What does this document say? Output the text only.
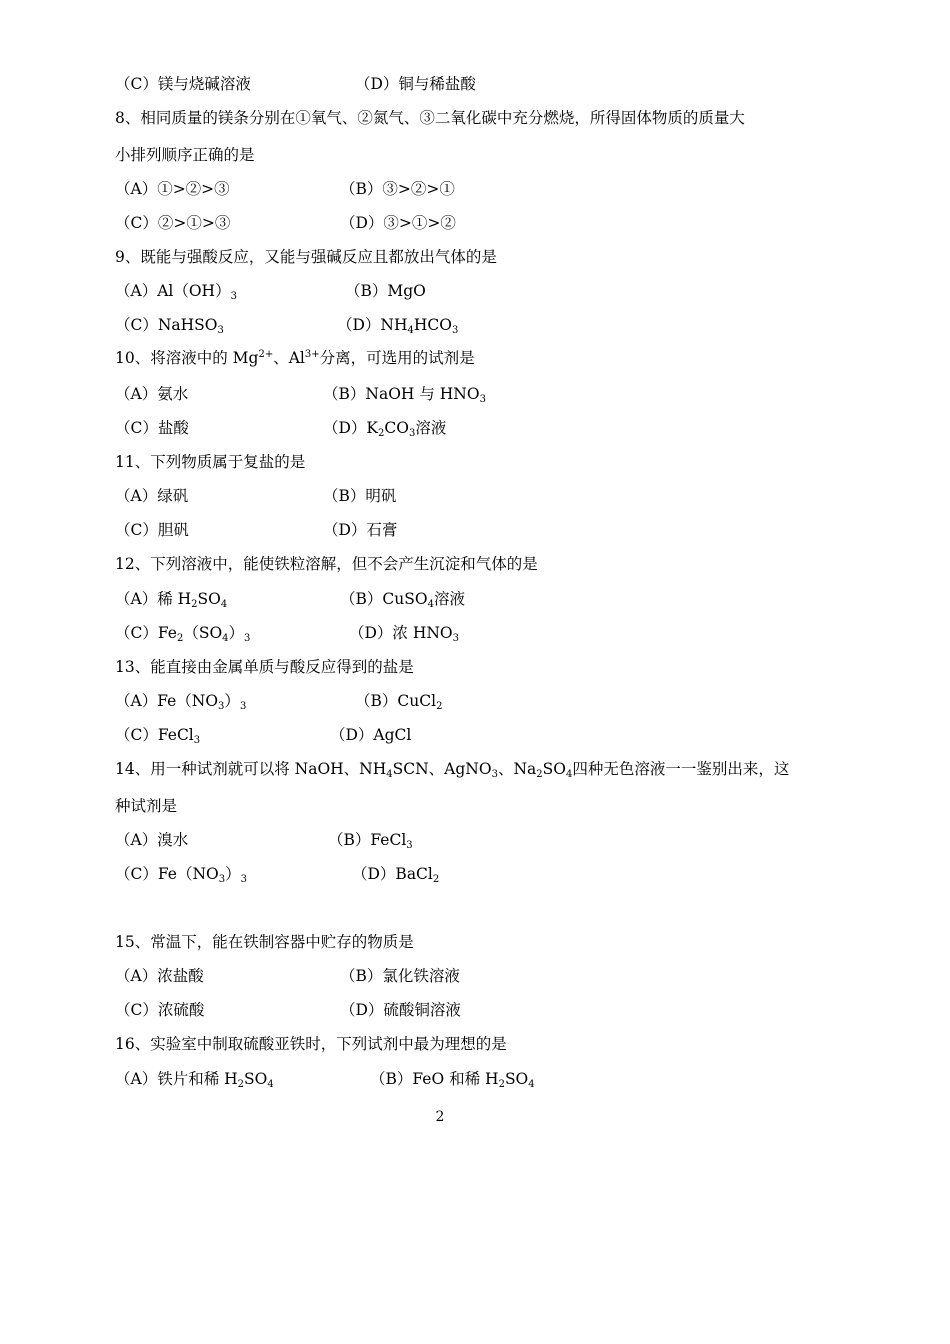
（C）镁与烧碱溶液	（D）铜与稀盐酸
8、相同质量的镁条分别在①氧气、②氮气、③二氧化碳中充分燃烧，所得固体物质的质量大
小排列顺序正确的是
（A）①>②>③	（B）③>②>①
（C）②>①>③	（D）③>①>②
9、既能与强酸反应，又能与强碱反应且都放出气体的是
$(A)Al(OH)_3$	（B）MgO
（C）NaHSO$_3$	$(D)NH_4HCO_3$
10、将溶液中的 $Mg^{2+}$、$Al^{3+}$分离，可选用的试剂是
（A）氨水	（B）NaOH 与 $HNO_3$
（C）盐酸	$(D)K_2CO_3$溶液
11、下列物质属于复盐的是
（A）绿矾	（B）明矾
（C）胆矾	（D）石膏
12、下列溶液中，能使铁粒溶解，但不会产生沉淀和气体的是
（A）稀 $H_2SO_4$	（B）CuSO$_4$溶液
$(C)Fe_2(SO_4)_3$	（D）浓 $HNO_3$
13、能直接由金属单质与酸反应得到的盐是
$(A)Fe(NO_3)_3$	（B）CuCl$_2$
（C）FeCl$_3$	（D）AgCl
14、用一种试剂就可以将 NaOH、$NH_4SCN$、AgNO$_3$、$Na_2SO_4$四种无色溶液一一鉴别出来，这
种试剂是
（A）溴水	（B）FeCl$_3$
$(C)Fe(NO_3)_3$	（D）BaCl$_2$
15、常温下，能在铁制容器中贮存的物质是
（A）浓盐酸	（B）氯化铁溶液
（C）浓硫酸	（D）硫酸铜溶液
16、实验室中制取硫酸亚铁时，下列试剂中最为理想的是
（A）铁片和稀 $H_2SO_4$	（B）FeO 和稀 $H_2SO_4$
2
